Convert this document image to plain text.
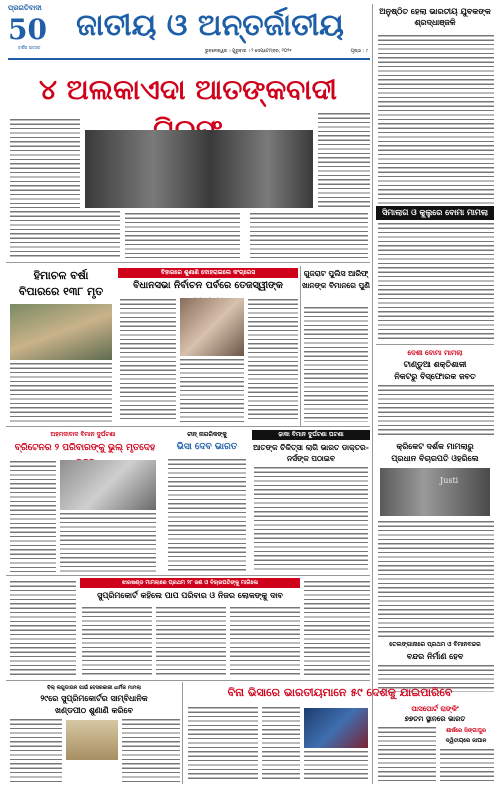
ପ୍ରଗତିବାଦୀ
50
ବାର୍ଷିକ ଉତ୍ସବ
ଜାତୀୟ ଓ ଅନ୍ତର୍ଜାତୀୟ
ଭୁବନେଶ୍ୱର । ଗୁରୁବାର । ୨ ସେପ୍ଟେମ୍ବର, ୨୦୨୧	ପୃଷ୍ଠା : ୯
୪ ଅଲକାଏଦା ଆତଙ୍କବାଦୀ
ଅନୁଷ୍ଠିତ ହେଲା ଭାରତୀୟ ଯୁବକଙ୍କ ଶ୍ରଦ୍ଧାଞ୍ଜଳି
ସିମାଲାଗ ଓ କୁଲୁରେ ବୋମା ମାମଲା
ଦେଶୀ ବୋମା ମାମଲା
ଟାଣ୍ଡୁଆ ଶକ୍ତିଶାଳୀ
ନିକଟରୁ ବିସ୍ଫୋରକ ଜବତ
କ୍ରିକେଟ ଦର୍ଶକ ମାମଲାରୁ
ପ୍ରଧାନ ବିଚାରପତି ଓହରିଲେ
Justi
ତେଲଙ୍ଗାନାରେ ପ୍ରଥମ ଓ ବିମାନବନ୍ଦର
ବନ୍ଦର ନିର୍ମାଣ ହେବ
ହିମାଚଳ ବର୍ଷା
ବିପାରରେ ୧୩୮ ମୃତ
ବିହାରରେ ଶୁଣାଣି ଦୋହରାଇଲେ କଂଗ୍ରେସ
ବିଧାନସଭା ନିର୍ବାଚନ ପର୍ବରେ ତେଜସ୍ୱୀଙ୍କ
ଗୁଜରାଟ ପୁଲିସ ଆରିଫ୍ ଖାନଙ୍କ ବିମାନରେ ପୁଣି
ଅହମଦାବାଦ ବିମାନ ଦୁର୍ଘଟଣା
ବ୍ରିଟେନର ୨ ପରିବାରଙ୍କୁ ଭୁଲ୍ ମୃତଦେହ
ଚୀନ୍ ନାଗରିକଙ୍କୁ
ଭିସା ଦେବ ଭାରତ
ଢାକା ବିମାନ ଦୁର୍ଘଟଣା ଘଟଣା
ଆତଙ୍କ ଚିକିତ୍ସା ଲାଗି ଭାରତ ଡାକ୍ତର-ନର୍ସଙ୍କ ପଠାଇବ
ଝାରଖଣ୍ଡ ମାମଲାରେ ପ୍ରଥମ ୨୮ ଜଣ ଓ ବିଚାରପତିଙ୍କୁ ମାଗିଲେ
ସୁପ୍ରିମକୋର୍ଟ କହିଲେ ପାପ ପରିବାର ଓ ନିଜର ଲୋକଙ୍କୁ ଦାବ
ବିଲ୍ ଲଗୁଡାଉନ ପାଇଁ ବେସରକାରୀ ଧାର୍ମିକ ମାମଲା
୨୯ରେ ସୁପ୍ରିମକୋର୍ଟର ସାମ୍ବିଧାନିକ
ଖଣ୍ଡପୀଠ ଶୁଣାଣି କରିବେ
ବିନା ଭିସାରେ ଭାରତୀୟମାନେ ୫୯ ଦେଶକୁ ଯାଇପାରିବେ
ପାସପୋର୍ଟ ରାଙ୍କିଂ
୭୭ତମ ସ୍ଥାନରେ ଭାରତ
ଶୀର୍ଷରେ ସିଙ୍ଗାପୁର
ଦ୍ୱିତୀୟରେ ଜାପାନ
